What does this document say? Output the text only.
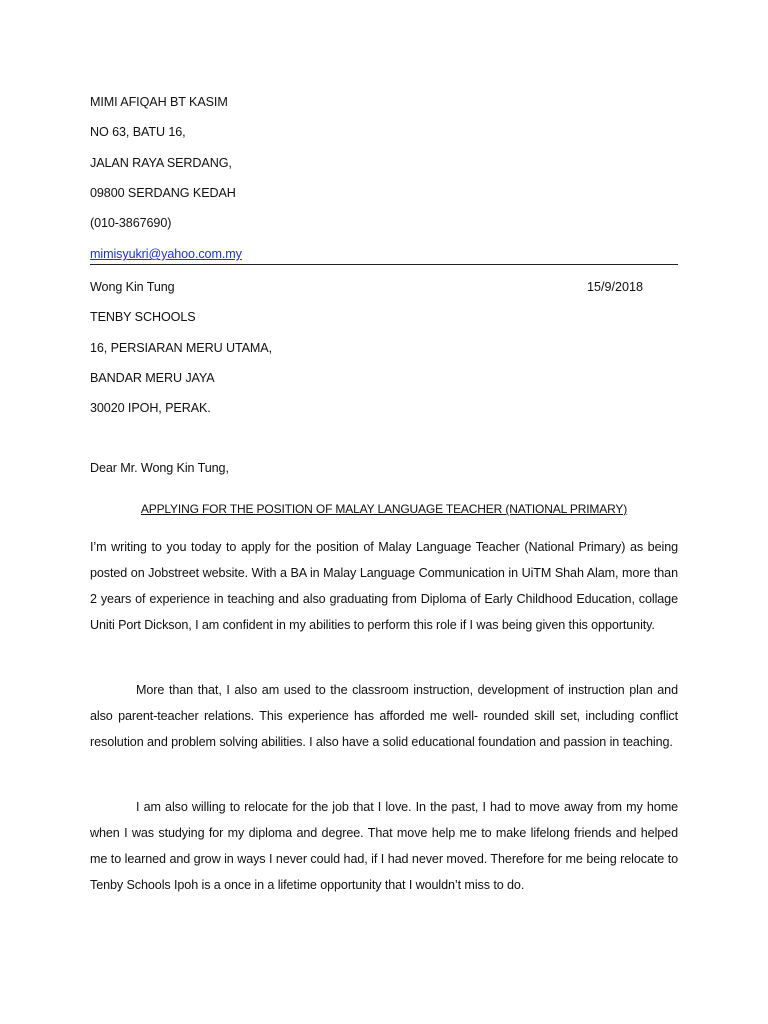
MIMI AFIQAH BT KASIM
NO 63, BATU 16,
JALAN RAYA SERDANG,
09800 SERDANG KEDAH
(010-3867690)
mimisyukri@yahoo.com.my
Wong Kin Tung	15/9/2018
TENBY SCHOOLS
16, PERSIARAN MERU UTAMA,
BANDAR MERU JAYA
30020 IPOH, PERAK.
Dear Mr. Wong Kin Tung,
APPLYING FOR THE POSITION OF MALAY LANGUAGE TEACHER (NATIONAL PRIMARY)
I’m writing to you today to apply for the position of Malay Language Teacher (National Primary) as being posted on Jobstreet website. With a BA in Malay Language Communication in UiTM Shah Alam, more than 2 years of experience in teaching and also graduating from Diploma of Early Childhood Education, collage Uniti Port Dickson, I am confident in my abilities to perform this role if I was being given this opportunity.
More than that, I also am used to the classroom instruction, development of instruction plan and also parent-teacher relations. This experience has afforded me well- rounded skill set, including conflict resolution and problem solving abilities. I also have a solid educational foundation and passion in teaching.
I am also willing to relocate for the job that I love. In the past, I had to move away from my home when I was studying for my diploma and degree. That move help me to make lifelong friends and helped me to learned and grow in ways I never could had, if I had never moved. Therefore for me being relocate to Tenby Schools Ipoh is a once in a lifetime opportunity that I wouldn’t miss to do.
